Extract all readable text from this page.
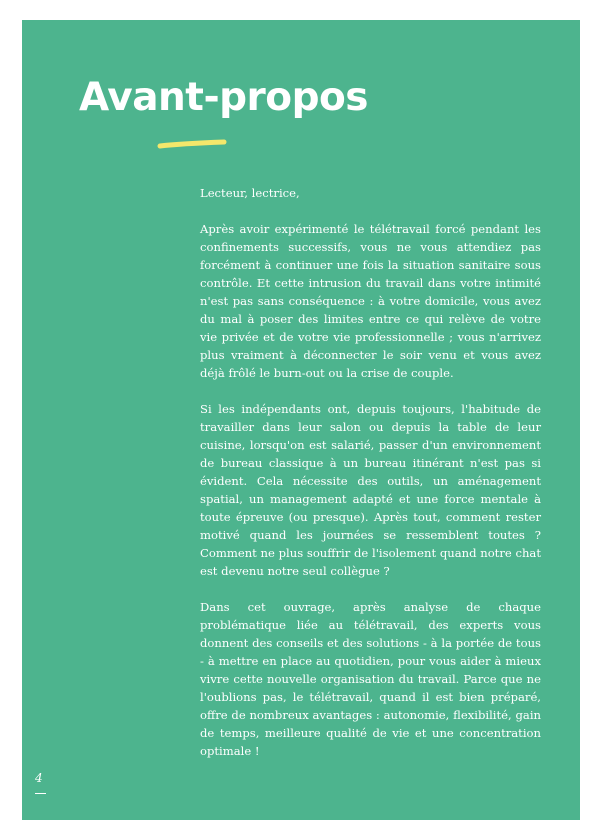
Avant-propos

Lecteur, lectrice,

Après avoir expérimenté le télétravail forcé pendant les confinements successifs, vous ne vous attendiez pas forcément à continuer une fois la situation sanitaire sous contrôle. Et cette intrusion du travail dans votre intimité n'est pas sans conséquence : à votre domicile, vous avez du mal à poser des limites entre ce qui relève de votre vie privée et de votre vie professionnelle ; vous n'arrivez plus vraiment à déconnecter le soir venu et vous avez déjà frôlé le burn-out ou la crise de couple.

Si les indépendants ont, depuis toujours, l'habitude de travailler dans leur salon ou depuis la table de leur cuisine, lorsqu'on est salarié, passer d'un environnement de bureau classique à un bureau itinérant n'est pas si évident. Cela nécessite des outils, un aménagement spatial, un management adapté et une force mentale à toute épreuve (ou presque). Après tout, comment rester motivé quand les journées se ressemblent toutes ? Comment ne plus souffrir de l'isolement quand notre chat est devenu notre seul collègue ?

Dans cet ouvrage, après analyse de chaque problématique liée au télétravail, des experts vous donnent des conseils et des solutions - à la portée de tous - à mettre en place au quotidien, pour vous aider à mieux vivre cette nouvelle organisation du travail. Parce que ne l'oublions pas, le télétravail, quand il est bien préparé, offre de nombreux avantages : autonomie, flexibilité, gain de temps, meilleure qualité de vie et une concentration optimale !

4
